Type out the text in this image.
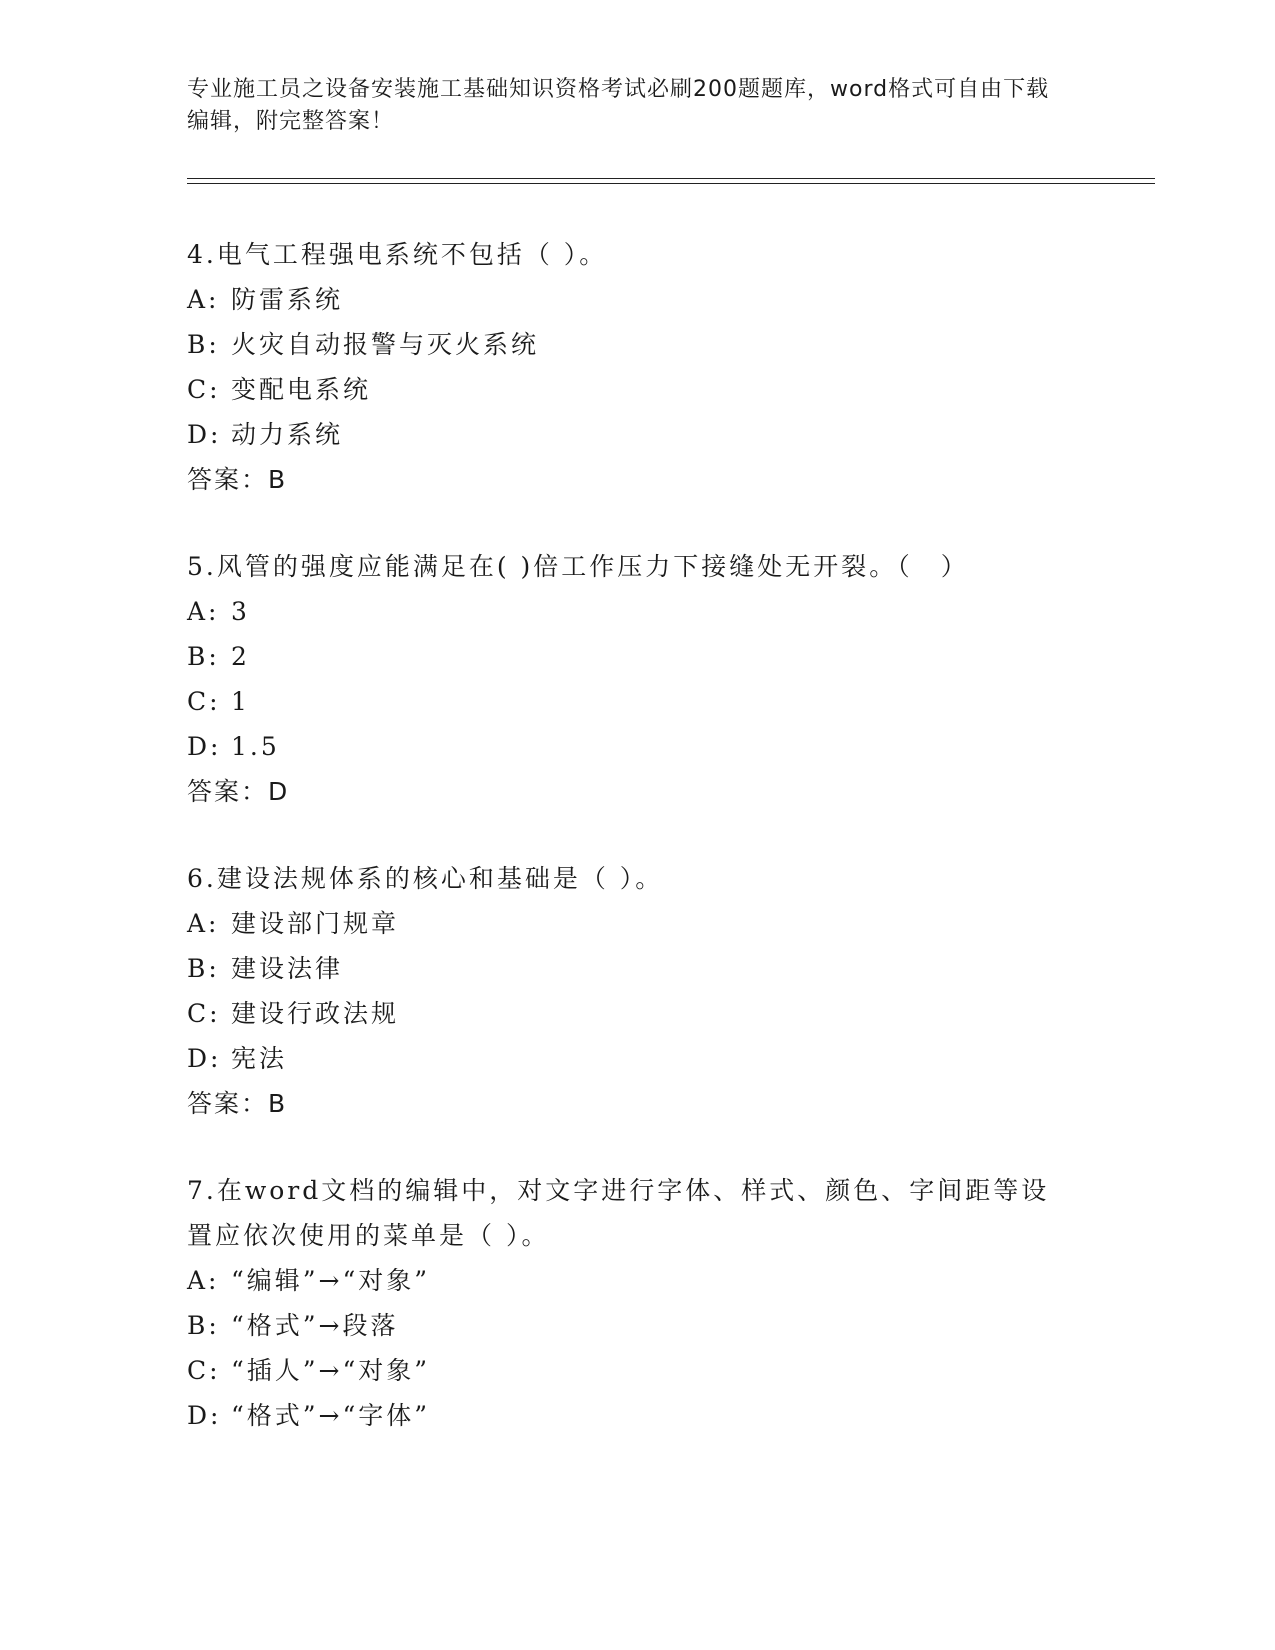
专业施工员之设备安装施工基础知识资格考试必刷200题题库，word格式可自由下载编辑，附完整答案！
4.电气工程强电系统不包括（ ）。
A: 防雷系统
B: 火灾自动报警与灭火系统
C: 变配电系统
D: 动力系统
答案：B
5.风管的强度应能满足在( )倍工作压力下接缝处无开裂。（　）
A: 3
B: 2
C: 1
D: 1.5
答案：D
6.建设法规体系的核心和基础是（ ）。
A: 建设部门规章
B: 建设法律
C: 建设行政法规
D: 宪法
答案：B
7.在word文档的编辑中，对文字进行字体、样式、颜色、字间距等设置应依次使用的菜单是（ ）。
A: “编辑”→“对象”
B: “格式”→段落
C: “插人”→“对象”
D: “格式”→“字体”
